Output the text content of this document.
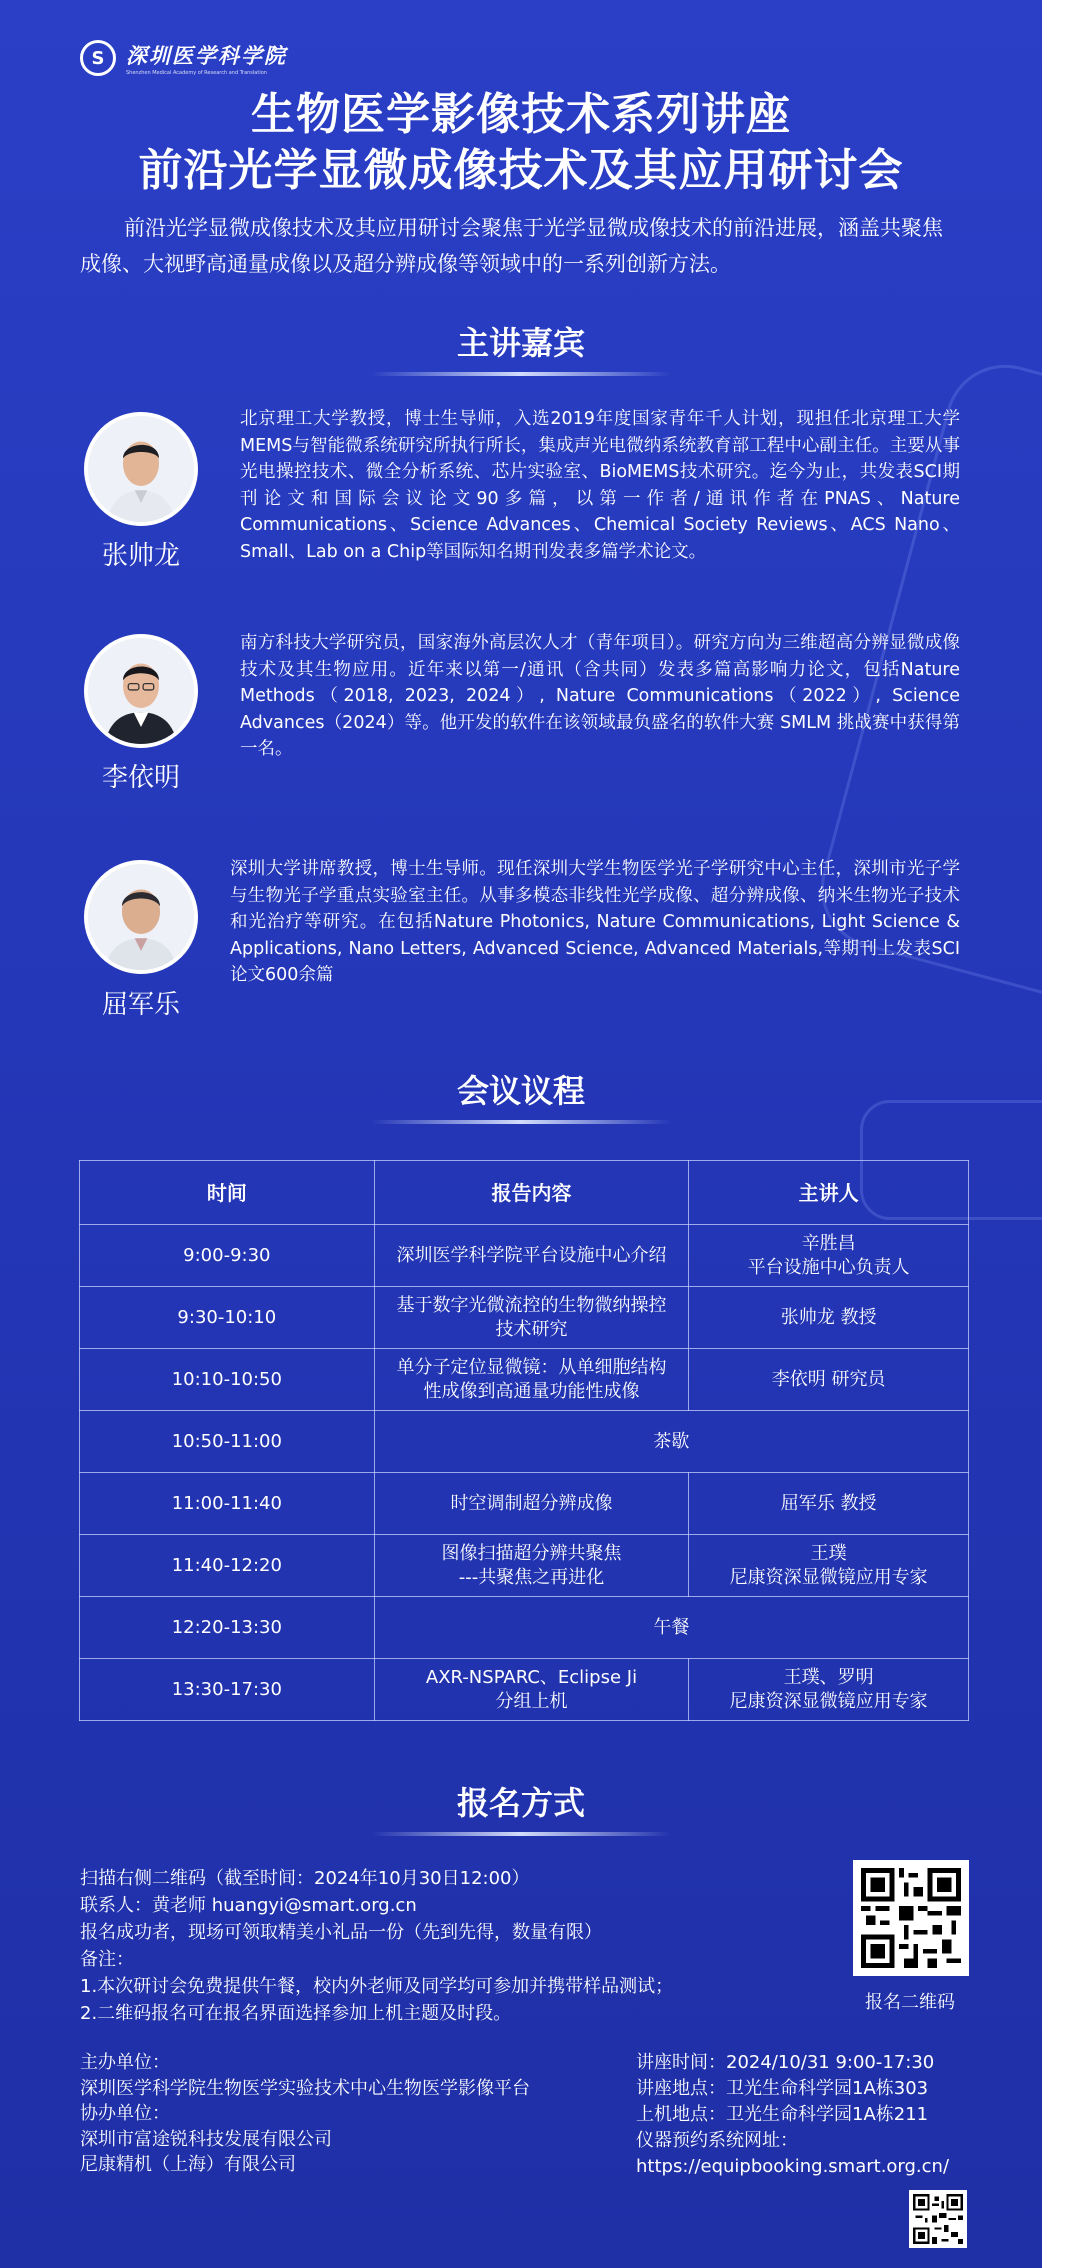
S	深圳医学科学院
Shenzhen Medical Academy of Research and Translation
生物医学影像技术系列讲座
前沿光学显微成像技术及其应用研讨会
前沿光学显微成像技术及其应用研讨会聚焦于光学显微成像技术的前沿进展，涵盖共聚焦成像、大视野高通量成像以及超分辨成像等领域中的一系列创新方法。
主讲嘉宾
张帅龙
北京理工大学教授，博士生导师，入选2019年度国家青年千人计划，现担任北京理工大学MEMS与智能微系统研究所执行所长，集成声光电微纳系统教育部工程中心副主任。主要从事光电操控技术、微全分析系统、芯片实验室、BioMEMS技术研究。迄今为止，共发表SCI期刊论文和国际会议论文90多篇，以第一作者/通讯作者在PNAS、Nature Communications、Science Advances、Chemical Society Reviews、ACS Nano、Small、Lab on a Chip等国际知名期刊发表多篇学术论文。
李依明
南方科技大学研究员，国家海外高层次人才（青年项目）。研究方向为三维超高分辨显微成像技术及其生物应用。近年来以第一/通讯（含共同）发表多篇高影响力论文，包括Nature Methods（2018, 2023, 2024）, Nature Communications（2022）, Science Advances（2024）等。他开发的软件在该领域最负盛名的软件大赛 SMLM 挑战赛中获得第一名。
屈军乐
深圳大学讲席教授，博士生导师。现任深圳大学生物医学光子学研究中心主任，深圳市光子学与生物光子学重点实验室主任。从事多模态非线性光学成像、超分辨成像、纳米生物光子技术和光治疗等研究。在包括Nature Photonics, Nature Communications, Light Science & Applications, Nano Letters, Advanced Science, Advanced Materials,等期刊上发表SCI论文600余篇
会议议程
时间	报告内容	主讲人
9:00-9:30	深圳医学科学院平台设施中心介绍	辛胜昌
平台设施中心负责人
9:30-10:10	基于数字光微流控的生物微纳操控
技术研究	张帅龙 教授
10:10-10:50	单分子定位显微镜：从单细胞结构
性成像到高通量功能性成像	李依明 研究员
10:50-11:00	茶歇	
11:00-11:40	时空调制超分辨成像	屈军乐 教授
11:40-12:20	图像扫描超分辨共聚焦
---共聚焦之再进化	王璞
尼康资深显微镜应用专家
12:20-13:30	午餐	
13:30-17:30	AXR-NSPARC、Eclipse Ji
分组上机	王璞、罗明
尼康资深显微镜应用专家
报名方式
扫描右侧二维码（截至时间：2024年10月30日12:00）
联系人：黄老师 huangyi@smart.org.cn
报名成功者，现场可领取精美小礼品一份（先到先得，数量有限）
备注：
1.本次研讨会免费提供午餐，校内外老师及同学均可参加并携带样品测试；
2.二维码报名可在报名界面选择参加上机主题及时段。
报名二维码
主办单位：
深圳医学科学院生物医学实验技术中心生物医学影像平台
协办单位：
深圳市富途锐科技发展有限公司
尼康精机（上海）有限公司
讲座时间：2024/10/31 9:00-17:30
讲座地点：卫光生命科学园1A栋303
上机地点：卫光生命科学园1A栋211
仪器预约系统网址：
https://equipbooking.smart.org.cn/
